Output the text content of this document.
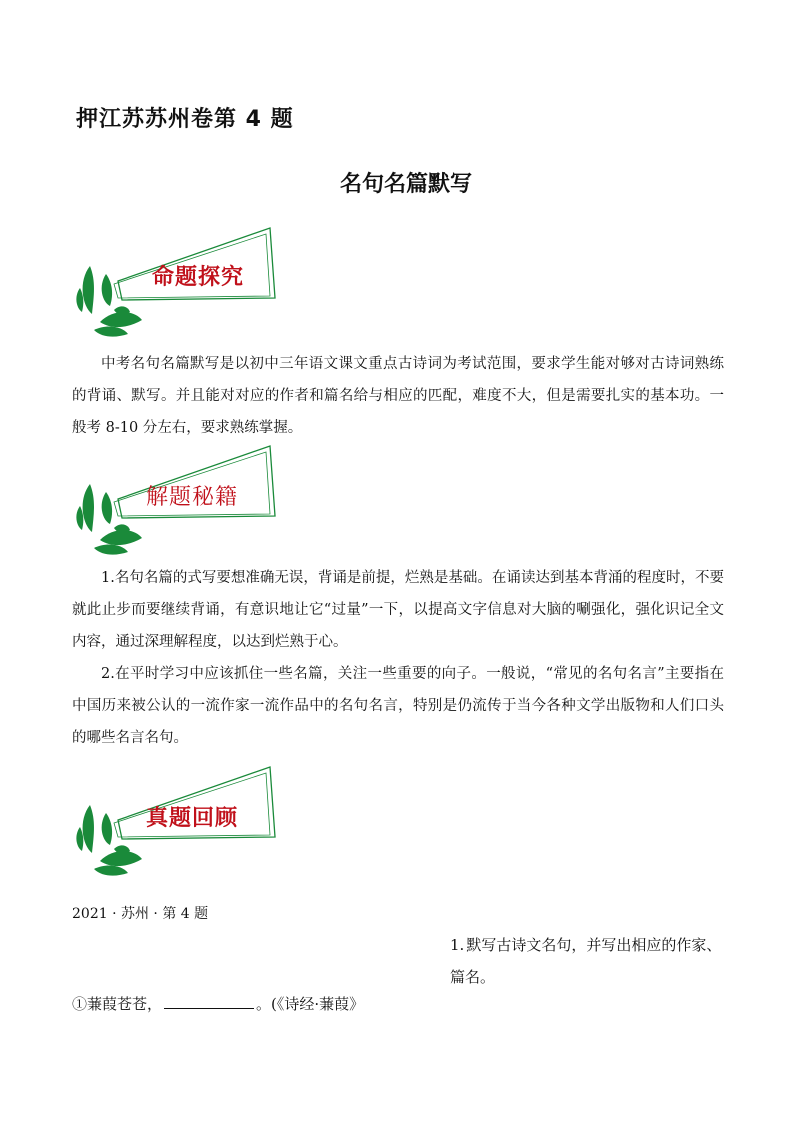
押江苏苏州卷第 4 题
名句名篇默写
命题探究
中考名句名篇默写是以初中三年语文课文重点古诗词为考试范围，要求学生能对够对古诗词熟练的背诵、默写。并且能对对应的作者和篇名给与相应的匹配，难度不大，但是需要扎实的基本功。一般考 8-10 分左右，要求熟练掌握。
解题秘籍
1.名句名篇的式写要想准确无误，背诵是前提，烂熟是基础。在诵读达到基本背涌的程度时，不要就此止步而要继续背诵，有意识地让它“过量”一下，以提高文字信息对大脑的唰强化，强化识记全文内容，通过深理解程度，以达到烂熟于心。
2.在平时学习中应该抓住一些名篇，关注一些重要的向子。一般说，“常见的名句名言”主要指在中国历来被公认的一流作家一流作品中的名句名言，特别是仍流传于当今各种文学出版物和人们口头的哪些名言名句。
真题回顾
2021 · 苏州 · 第 4 题
1. 默写古诗文名句，并写出相应的作家、篇名。
①蒹葭苍苍，	。(《诗经·蒹葭》
